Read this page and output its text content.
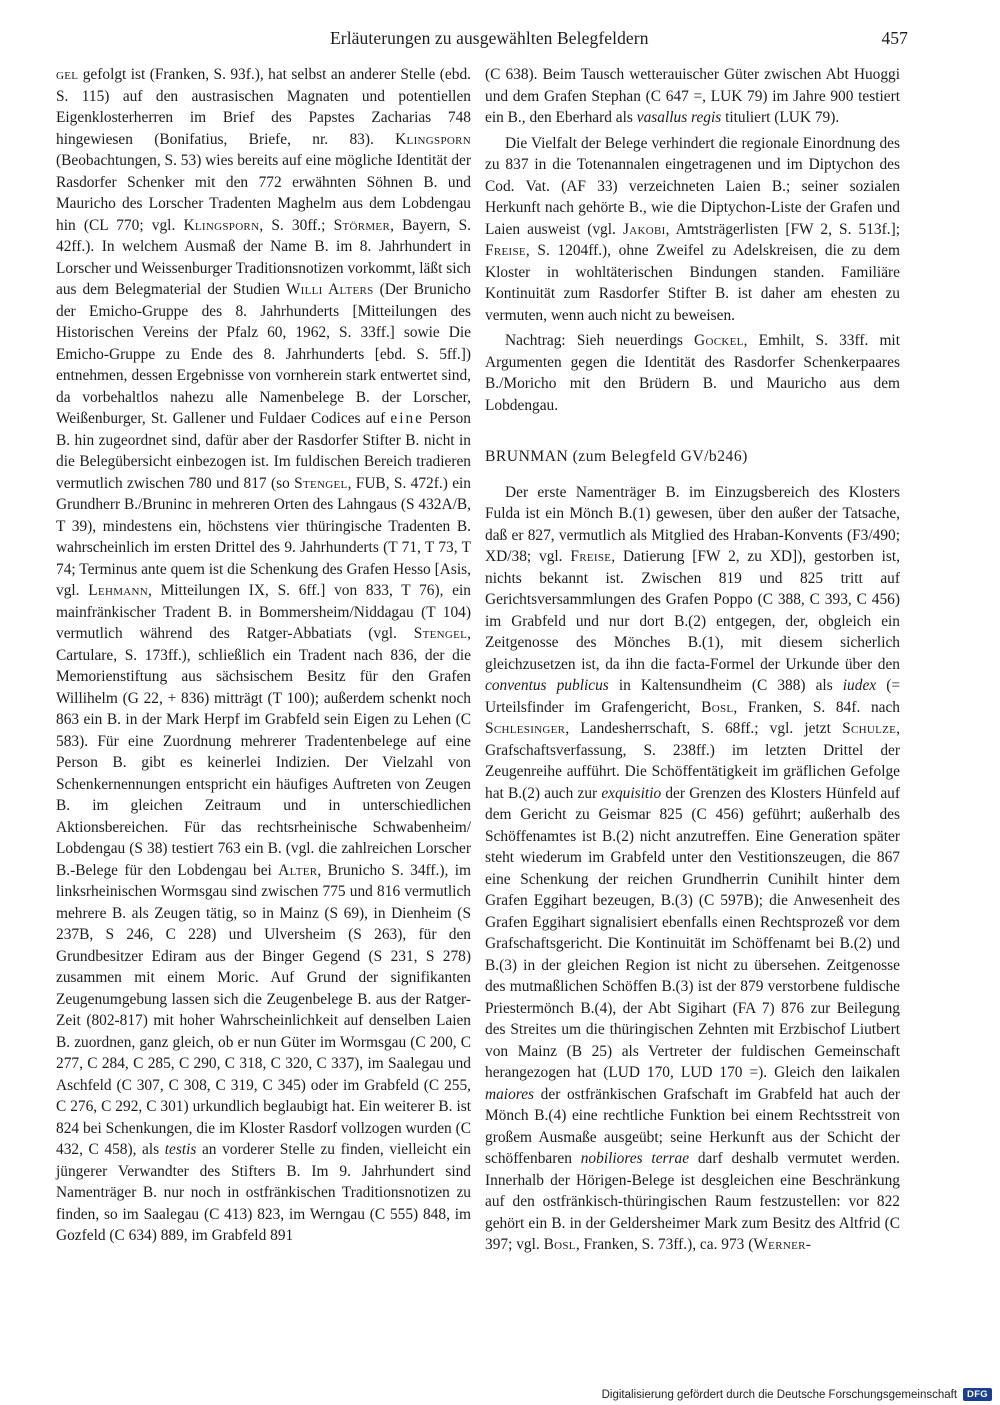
Erläuterungen zu ausgewählten Belegfeldern	457

gel gefolgt ist (Franken, S. 93f.), hat selbst an anderer Stelle (ebd. S. 115) auf den austrasischen Magnaten und potentiellen Eigenklosterherren im Brief des Papstes Zacharias 748 hingewiesen (Bonifatius, Briefe, nr. 83). Klingsporn (Beobachtungen, S. 53) wies bereits auf eine mögliche Identität der Rasdorfer Schenker mit den 772 erwähnten Söhnen B. und Mauricho des Lorscher Tradenten Maghelm aus dem Lobdengau hin (CL 770; vgl. Klingsporn, S. 30ff.; Störmer, Bayern, S. 42ff.). In welchem Ausmaß der Name B. im 8. Jahrhundert in Lorscher und Weissenburger Traditionsnotizen vorkommt, läßt sich aus dem Belegmaterial der Studien Willi Alters (Der Brunicho der Emicho-Gruppe des 8. Jahrhunderts [Mitteilungen des Historischen Vereins der Pfalz 60, 1962, S. 33ff.] sowie Die Emicho-Gruppe zu Ende des 8. Jahrhunderts [ebd. S. 5ff.]) entnehmen, dessen Ergebnisse von vornherein stark entwertet sind, da vorbehaltlos nahezu alle Namenbelege B. der Lorscher, Weißenburger, St. Gallener und Fuldaer Codices auf eine Person B. hin zugeordnet sind, dafür aber der Rasdorfer Stifter B. nicht in die Belegübersicht einbezogen ist. Im fuldischen Bereich tradieren vermutlich zwischen 780 und 817 (so Stengel, FUB, S. 472f.) ein Grundherr B./Bruninc in mehreren Orten des Lahngaus (S 432A/B, T 39), mindestens ein, höchstens vier thüringische Tradenten B. wahrscheinlich im ersten Drittel des 9. Jahrhunderts (T 71, T 73, T 74; Terminus ante quem ist die Schenkung des Grafen Hesso [Asis, vgl. Lehmann, Mitteilungen IX, S. 6ff.] von 833, T 76), ein mainfränkischer Tradent B. in Bommersheim/Niddagau (T 104) vermutlich während des Ratger-Abbatiats (vgl. Stengel, Cartulare, S. 173ff.), schließlich ein Tradent nach 836, der die Memorienstiftung aus sächsischem Besitz für den Grafen Willihelm (G 22, + 836) mitträgt (T 100); außerdem schenkt noch 863 ein B. in der Mark Herpf im Grabfeld sein Eigen zu Lehen (C 583). Für eine Zuordnung mehrerer Tradentenbelege auf eine Person B. gibt es keinerlei Indizien. Der Vielzahl von Schenkernennungen entspricht ein häufiges Auftreten von Zeugen B. im gleichen Zeitraum und in unterschiedlichen Aktionsbereichen. Für das rechtsrheinische Schwabenheim/ Lobdengau (S 38) testiert 763 ein B. (vgl. die zahlreichen Lorscher B.-Belege für den Lobdengau bei Alter, Brunicho S. 34ff.), im linksrheinischen Wormsgau sind zwischen 775 und 816 vermutlich mehrere B. als Zeugen tätig, so in Mainz (S 69), in Dienheim (S 237B, S 246, C 228) und Ulversheim (S 263), für den Grundbesitzer Ediram aus der Binger Gegend (S 231, S 278) zusammen mit einem Moric. Auf Grund der signifikanten Zeugenumgebung lassen sich die Zeugenbelege B. aus der Ratger-Zeit (802-817) mit hoher Wahrscheinlichkeit auf denselben Laien B. zuordnen, ganz gleich, ob er nun Güter im Wormsgau (C 200, C 277, C 284, C 285, C 290, C 318, C 320, C 337), im Saalegau und Aschfeld (C 307, C 308, C 319, C 345) oder im Grabfeld (C 255, C 276, C 292, C 301) urkundlich beglaubigt hat. Ein weiterer B. ist 824 bei Schenkungen, die im Kloster Rasdorf vollzogen wurden (C 432, C 458), als testis an vorderer Stelle zu finden, vielleicht ein jüngerer Verwandter des Stifters B. Im 9. Jahrhundert sind Namenträger B. nur noch in ostfränkischen Traditionsnotizen zu finden, so im Saalegau (C 413) 823, im Werngau (C 555) 848, im Gozfeld (C 634) 889, im Grabfeld 891

(C 638). Beim Tausch wetterauischer Güter zwischen Abt Huoggi und dem Grafen Stephan (C 647 =, LUK 79) im Jahre 900 testiert ein B., den Eberhard als vasallus regis tituliert (LUK 79).

Die Vielfalt der Belege verhindert die regionale Einordnung des zu 837 in die Totenannalen eingetragenen und im Diptychon des Cod. Vat. (AF 33) verzeichneten Laien B.; seiner sozialen Herkunft nach gehörte B., wie die Diptychon-Liste der Grafen und Laien ausweist (vgl. Jakobi, Amtsträgerlisten [FW 2, S. 513f.]; Freise, S. 1204ff.), ohne Zweifel zu Adelskreisen, die zu dem Kloster in wohltäterischen Bindungen standen. Familiäre Kontinuität zum Rasdorfer Stifter B. ist daher am ehesten zu vermuten, wenn auch nicht zu beweisen.

Nachtrag: Sieh neuerdings Gockel, Emhilt, S. 33ff. mit Argumenten gegen die Identität des Rasdorfer Schenkerpaares B./Moricho mit den Brüdern B. und Mauricho aus dem Lobdengau.

BRUNMAN (zum Belegfeld GV/b246)

Der erste Namenträger B. im Einzugsbereich des Klosters Fulda ist ein Mönch B.(1) gewesen, über den außer der Tatsache, daß er 827, vermutlich als Mitglied des Hraban-Konvents (F3/490; XD/38; vgl. Freise, Datierung [FW 2, zu XD]), gestorben ist, nichts bekannt ist. Zwischen 819 und 825 tritt auf Gerichtsversammlungen des Grafen Poppo (C 388, C 393, C 456) im Grabfeld und nur dort B.(2) entgegen, der, obgleich ein Zeitgenosse des Mönches B.(1), mit diesem sicherlich gleichzusetzen ist, da ihn die facta-Formel der Urkunde über den conventus publicus in Kaltensundheim (C 388) als iudex (= Urteilsfinder im Grafengericht, Bosl, Franken, S. 84f. nach Schlesinger, Landesherrschaft, S. 68ff.; vgl. jetzt Schulze, Grafschaftsverfassung, S. 238ff.) im letzten Drittel der Zeugenreihe aufführt. Die Schöffentätigkeit im gräflichen Gefolge hat B.(2) auch zur exquisitio der Grenzen des Klosters Hünfeld auf dem Gericht zu Geismar 825 (C 456) geführt; außerhalb des Schöffenamtes ist B.(2) nicht anzutreffen. Eine Generation später steht wiederum im Grabfeld unter den Vestitionszeugen, die 867 eine Schenkung der reichen Grundherrin Cunihilt hinter dem Grafen Eggihart bezeugen, B.(3) (C 597B); die Anwesenheit des Grafen Eggihart signalisiert ebenfalls einen Rechtsprozeß vor dem Grafschaftsgericht. Die Kontinuität im Schöffenamt bei B.(2) und B.(3) in der gleichen Region ist nicht zu übersehen. Zeitgenosse des mutmaßlichen Schöffen B.(3) ist der 879 verstorbene fuldische Priestermönch B.(4), der Abt Sigihart (FA 7) 876 zur Beilegung des Streites um die thüringischen Zehnten mit Erzbischof Liutbert von Mainz (B 25) als Vertreter der fuldischen Gemeinschaft herangezogen hat (LUD 170, LUD 170 =). Gleich den laikalen maiores der ostfränkischen Grafschaft im Grabfeld hat auch der Mönch B.(4) eine rechtliche Funktion bei einem Rechtsstreit von großem Ausmaße ausgeübt; seine Herkunft aus der Schicht der schöffenbaren nobiliores terrae darf deshalb vermutet werden. Innerhalb der Hörigen-Belege ist desgleichen eine Beschränkung auf den ostfränkisch-thüringischen Raum festzustellen: vor 822 gehört ein B. in der Geldersheimer Mark zum Besitz des Altfrid (C 397; vgl. Bosl, Franken, S. 73ff.), ca. 973 (Werner-

Digitalisierung gefördert durch die Deutsche Forschungsgemeinschaft	DFG
